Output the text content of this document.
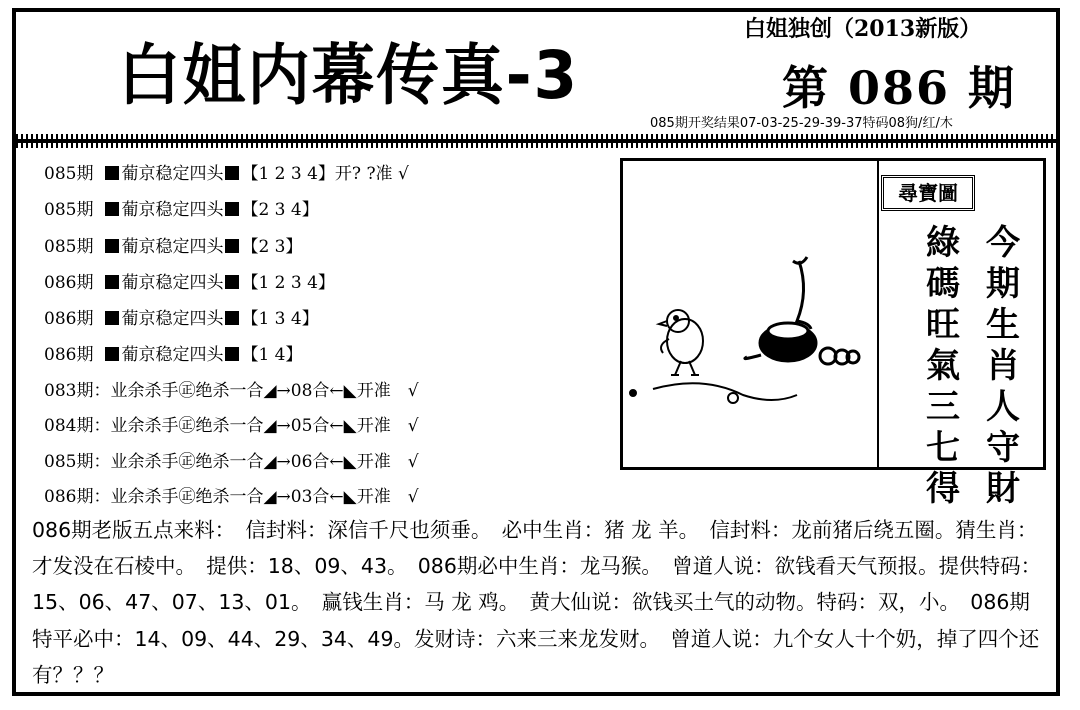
白姐独创（2013新版）
白姐内幕传真-3	第 086 期
085期开奖结果07-03-25-29-39-37特码08狗/红/木
085期 葡京稳定四头 【1 2 3 4】开? ?准 √
085期 葡京稳定四头 【2 3 4】
085期 葡京稳定四头 【2 3】
086期 葡京稳定四头 【1 2 3 4】
086期 葡京稳定四头 【1 3 4】
086期 葡京稳定四头 【1 4】
083期：业余杀手㊣绝杀一合◢→08合←◣开准　√
084期：业余杀手㊣绝杀一合◢→05合←◣开准　√
085期：业余杀手㊣绝杀一合◢→06合←◣开准　√
086期：业余杀手㊣绝杀一合◢→03合←◣开准　√
尋寶圖
今期生肖人守財
綠碼旺氣三七得
086期老版五点来料：　信封料：深信千尺也须垂。　必中生肖：猪 龙 羊。　信封料：龙前猪后绕五圈。猜生肖：才发没在石棱中。　提供：18、09、43。　086期必中生肖：龙马猴。　曾道人说：欲钱看天气预报。提供特码：15、06、47、07、13、01。　赢钱生肖：马 龙 鸡。　黄大仙说：欲钱买土气的动物。特码：双，小。　086期特平必中：14、09、44、29、34、49。发财诗：六来三来龙发财。　曾道人说：九个女人十个奶，掉了四个还有？？？
